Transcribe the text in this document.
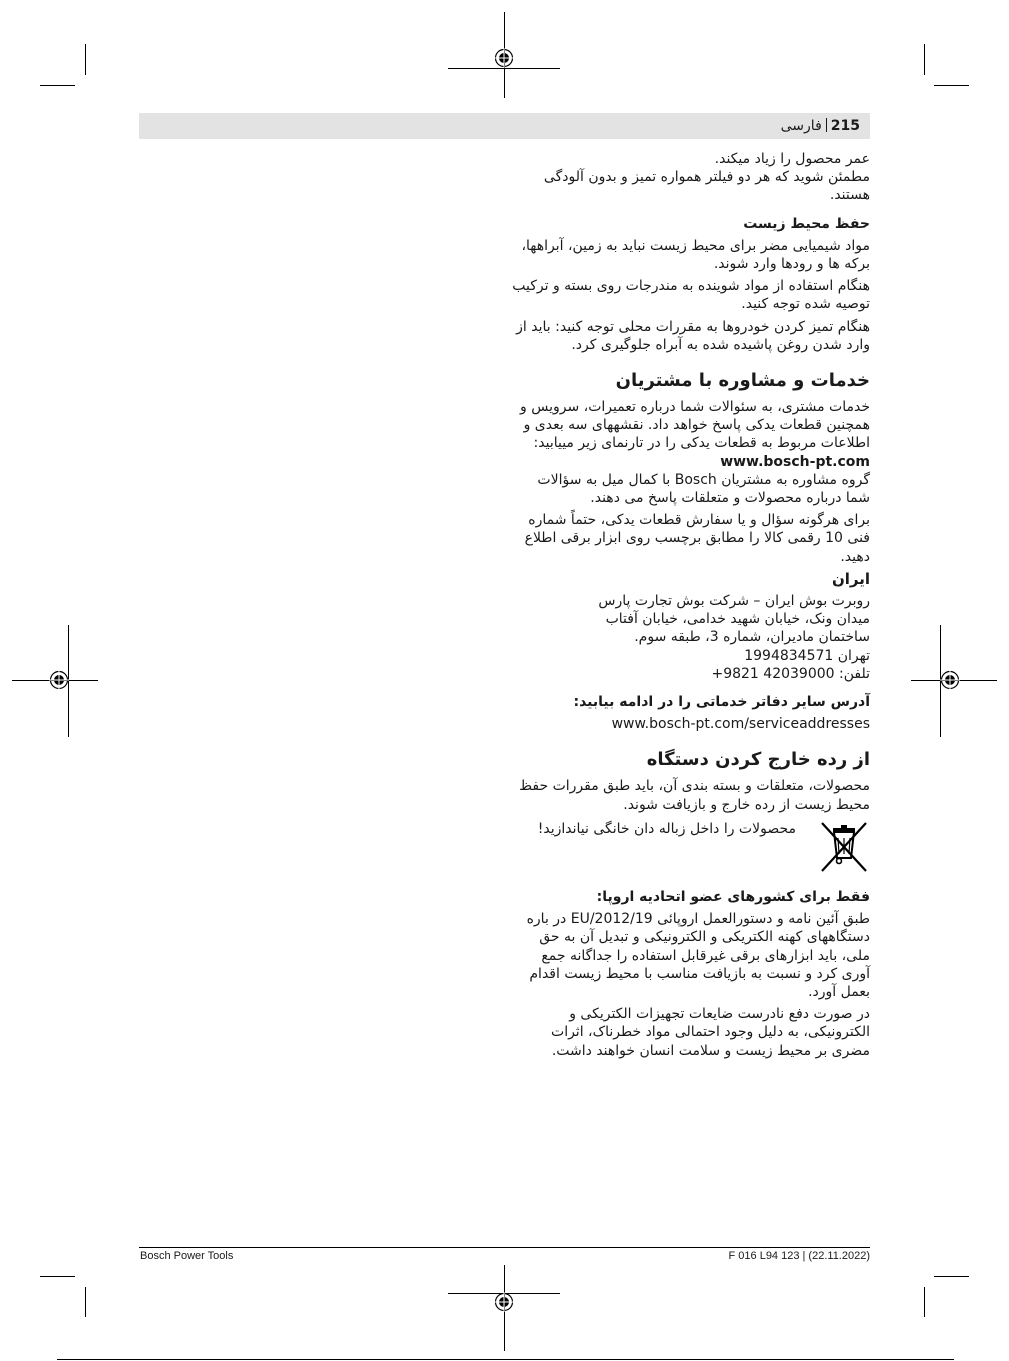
215فارسی

عمر محصول را زیاد میکند.

مطمئن شوید که هر دو فیلتر همواره تمیز و بدون آلودگی هستند.

حفظ محیط زیست

مواد شیمیایی مضر برای محیط زیست نباید به زمین، آبراهها، برکه ها و رودها وارد شوند.

هنگام استفاده از مواد شوینده به مندرجات روی بسته و ترکیب توصیه شده توجه کنید.

هنگام تمیز کردن خودروها به مقررات محلی توجه کنید: باید از وارد شدن روغن پاشیده شده به آبراه جلوگیری کرد.

خدمات و مشاوره با مشتریان

خدمات مشتری، به سئوالات شما درباره تعمیرات، سرویس و همچنین قطعات یدکی پاسخ خواهد داد. نقشههای سه بعدی و اطلاعات مربوط به قطعات یدکی را در تارنمای زیر مییابید:

www.bosch-pt.com

گروه مشاوره به مشتریان Bosch با کمال میل به سؤالات شما درباره محصولات و متعلقات پاسخ می دهند.

برای هرگونه سؤال و یا سفارش قطعات یدکی، حتماً شماره فنی 10 رقمی کالا را مطابق برچسب روی ابزار برقی اطلاع دهید.

ایران

روبرت بوش ایران – شرکت بوش تجارت پارس

میدان ونک، خیابان شهید خدامی، خیابان آفتاب

ساختمان مادیران، شماره 3، طبقه سوم.

تهران 1994834571

تلفن: 42039000 9821+

آدرس سایر دفاتر خدماتی را در ادامه بیابید:

www.bosch-pt.com/serviceaddresses

از رده خارج کردن دستگاه

محصولات، متعلقات و بسته بندی آن، باید طبق مقررات حفظ محیط زیست از رده خارج و بازیافت شوند.

محصولات را داخل زباله دان خانگی نیاندازید!

فقط برای کشورهای عضو اتحادیه اروپا:

طبق آئین نامه و دستورالعمل اروپائی 2012/19/EU در باره دستگاههای کهنه الکتریکی و الکترونیکی و تبدیل آن به حق ملی، باید ابزارهای برقی غیرقابل استفاده را جداگانه جمع آوری کرد و نسبت به بازیافت مناسب با محیط زیست اقدام بعمل آورد.

در صورت دفع نادرست ضایعات تجهیزات الکتریکی و الکترونیکی، به دلیل وجود احتمالی مواد خطرناک، اثرات مضری بر محیط زیست و سلامت انسان خواهند داشت.

Bosch Power Tools	F 016 L94 123 | (22.11.2022)
